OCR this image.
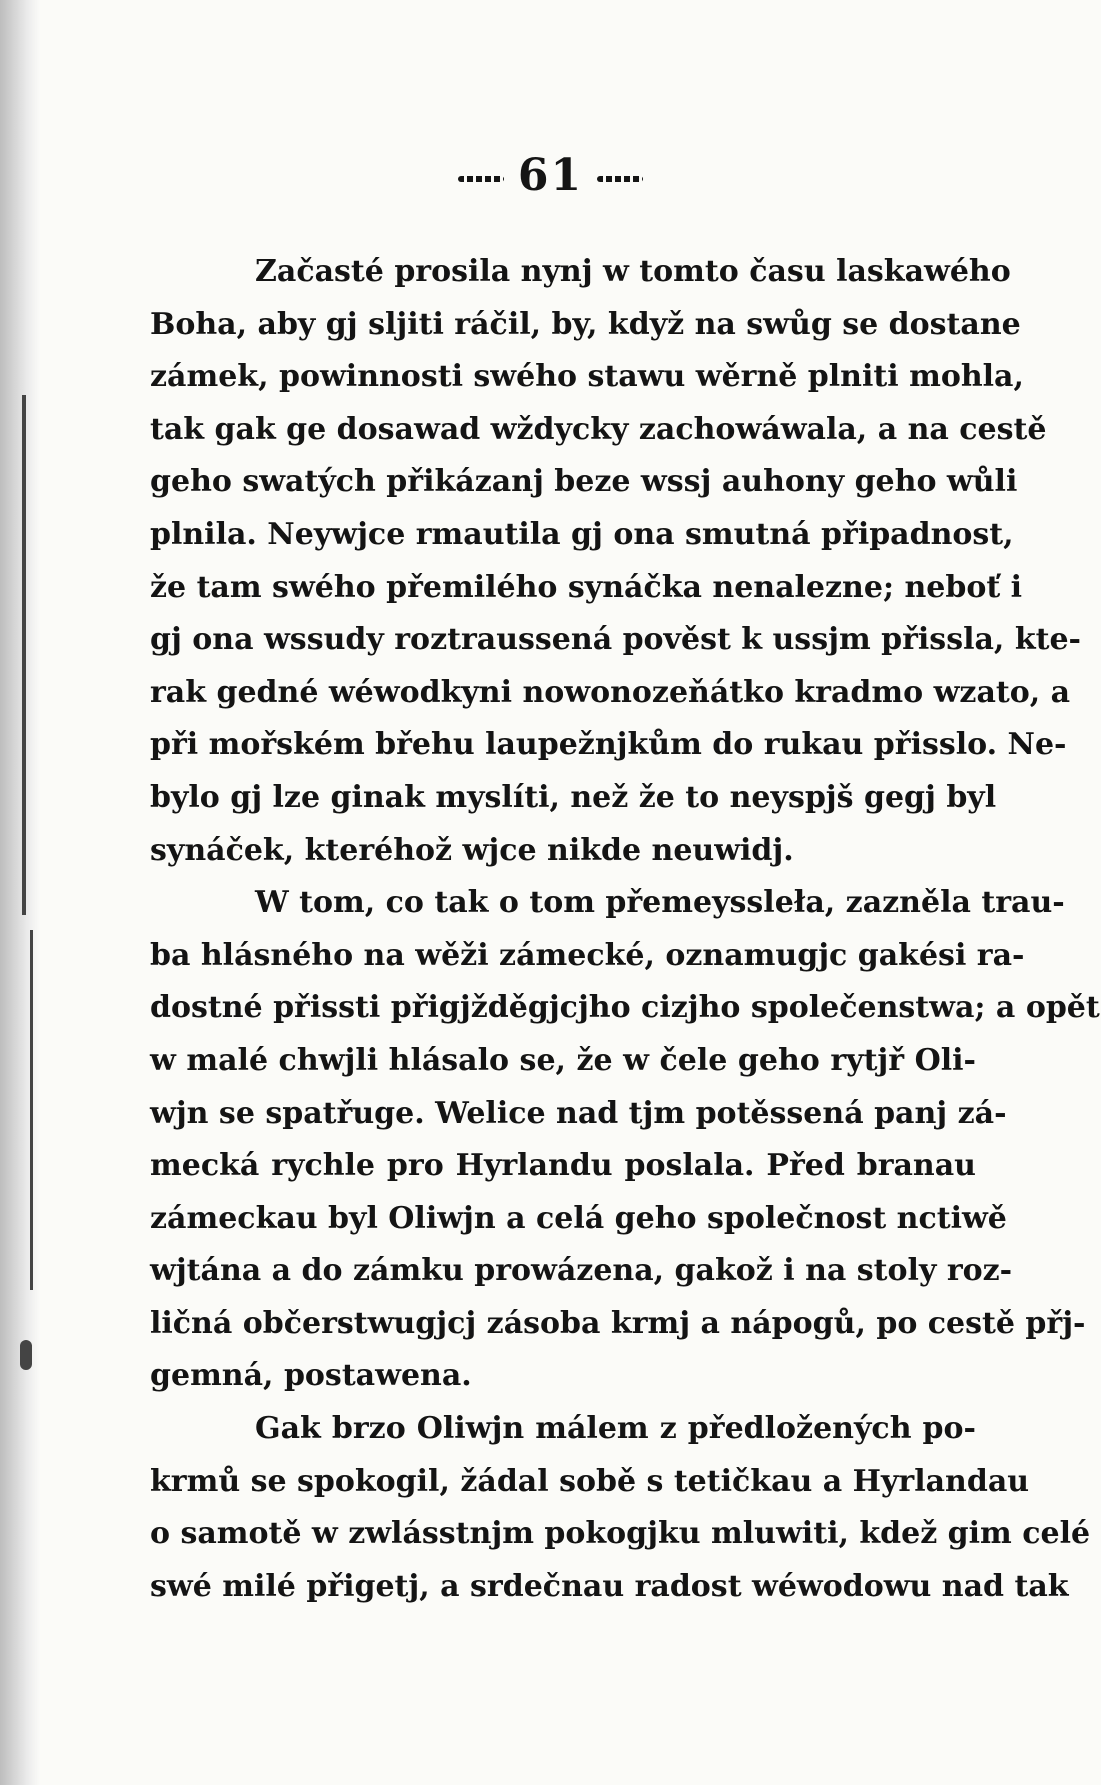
61
Začasté prosila nynj w tomto času laskawého
Boha, aby gj sljiti ráčil, by, když na swůg se dostane
zámek, powinnosti swého stawu wěrně plniti mohla,
tak gak ge dosawad wždycky zachowáwala, a na cestě
geho swatých přikázanj beze wssj auhony geho wůli
plnila. Neywjce rmautila gj ona smutná připadnost,
že tam swého přemilého synáčka nenalezne; neboť i
gj ona wssudy roztraussená pověst k ussjm přissla, kte-
rak gedné wéwodkyni nowonozeňátko kradmo wzato, a
při mořském břehu laupežnjkům do rukau přisslo. Ne-
bylo gj lze ginak myslíti, než že to neyspjš gegj byl
synáček, kteréhož wjce nikde neuwidj.
W tom, co tak o tom přemeyssleła, zazněla trau-
ba hlásného na wěži zámecké, oznamugjc gakési ra-
dostné přissti přigjžděgjcjho cizjho společenstwa; a opět
w malé chwjli hlásalo se, že w čele geho rytjř Oli-
wjn se spatřuge. Welice nad tjm potěssená panj zá-
mecká rychle pro Hyrlandu poslala. Před branau
zámeckau byl Oliwjn a celá geho společnost nctiwě
wjtána a do zámku prowázena, gakož i na stoly roz-
ličná občerstwugjcj zásoba krmj a nápogů, po cestě přj-
gemná, postawena.
Gak brzo Oliwjn málem z předložených po-
krmů se spokogil, žádal sobě s tetičkau a Hyrlandau
o samotě w zwlásstnjm pokogjku mluwiti, kdež gim celé
swé milé přigetj, a srdečnau radost wéwodowu nad tak
